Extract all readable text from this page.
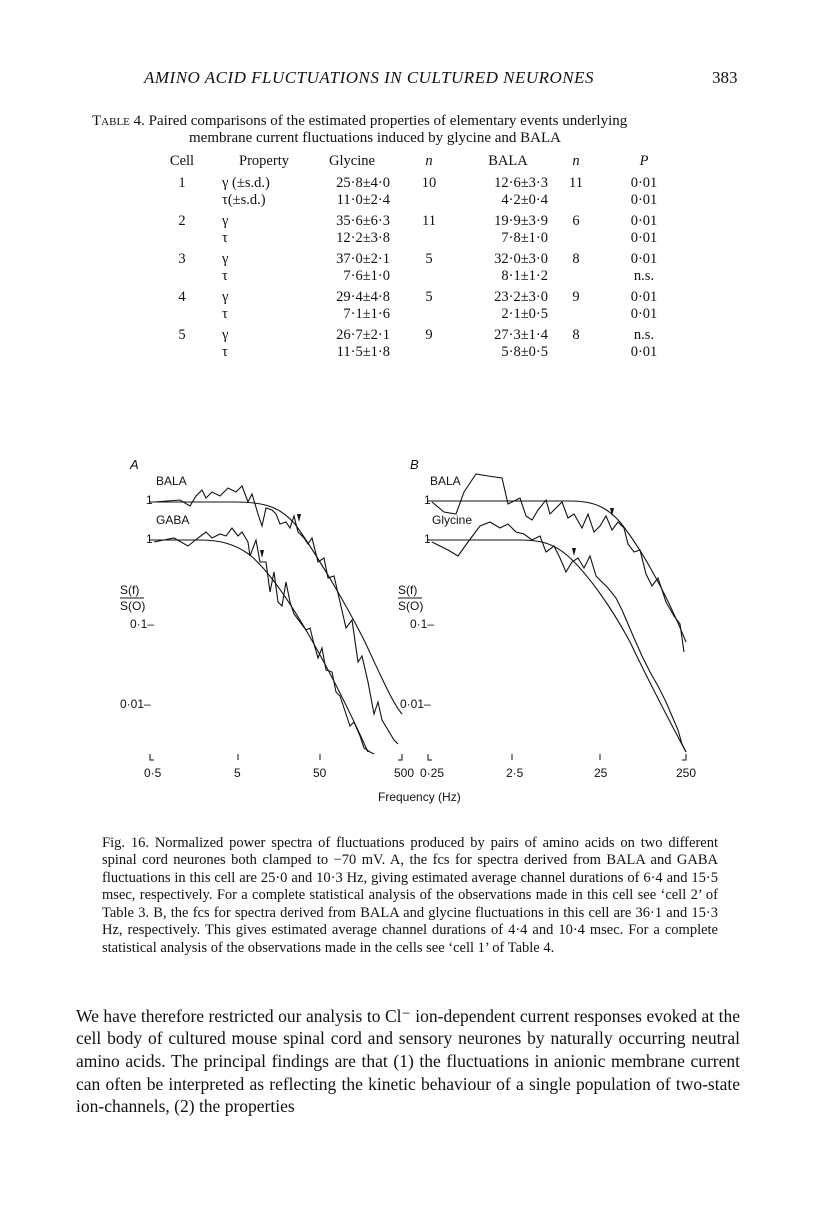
AMINO ACID FLUCTUATIONS IN CULTURED NEURONES	383
Table 4. Paired comparisons of the estimated properties of elementary events underlying
membrane current fluctuations induced by glycine and BALA
Cell	Property	Glycine	n	BALA	n	P
1	γ (±s.d.)	25·8±4·0	10	12·6±3·3	11	0·01
	τ(±s.d.)	11·0±2·4		4·2±0·4		0·01
2	γ	35·6±6·3	11	19·9±3·9	6	0·01
	τ	12·2±3·8		7·8±1·0		0·01
3	γ	37·0±2·1	5	32·0±3·0	8	0·01
	τ	7·6±1·0		8·1±1·2		n.s.
4	γ	29·4±4·8	5	23·2±3·0	9	0·01
	τ	7·1±1·6		2·1±0·5		0·01
5	γ	26·7±2·1	9	27·3±1·4	8	n.s.
	τ	11·5±1·8		5·8±0·5		0·01
A
BALA
1
GABA
1
S(f)
S(O)
0·1–
0·01–
B
BALA
1
Glycine
1
S(f)
S(O)
0·1–
0·01–
0·5	5	50	500 0·25	2·5	25	250
Frequency (Hz)

Fig. 16. Normalized power spectra of fluctuations produced by pairs of amino acids on two different spinal cord neurones both clamped to −70 mV. A, the fcs for spectra derived from BALA and GABA fluctuations in this cell are 25·0 and 10·3 Hz, giving estimated average channel durations of 6·4 and 15·5 msec, respectively. For a complete statistical analysis of the observations made in this cell see ‘cell 2’ of Table 3. B, the fcs for spectra derived from BALA and glycine fluctuations in this cell are 36·1 and 15·3 Hz, respectively. This gives estimated average channel durations of 4·4 and 10·4 msec. For a complete statistical analysis of the observations made in the cells see ‘cell 1’ of Table 4.

We have therefore restricted our analysis to Cl⁻ ion-dependent current responses evoked at the cell body of cultured mouse spinal cord and sensory neurones by naturally occurring neutral amino acids. The principal findings are that (1) the fluctuations in anionic membrane current can often be interpreted as reflecting the kinetic behaviour of a single population of two-state ion-channels, (2) the properties
